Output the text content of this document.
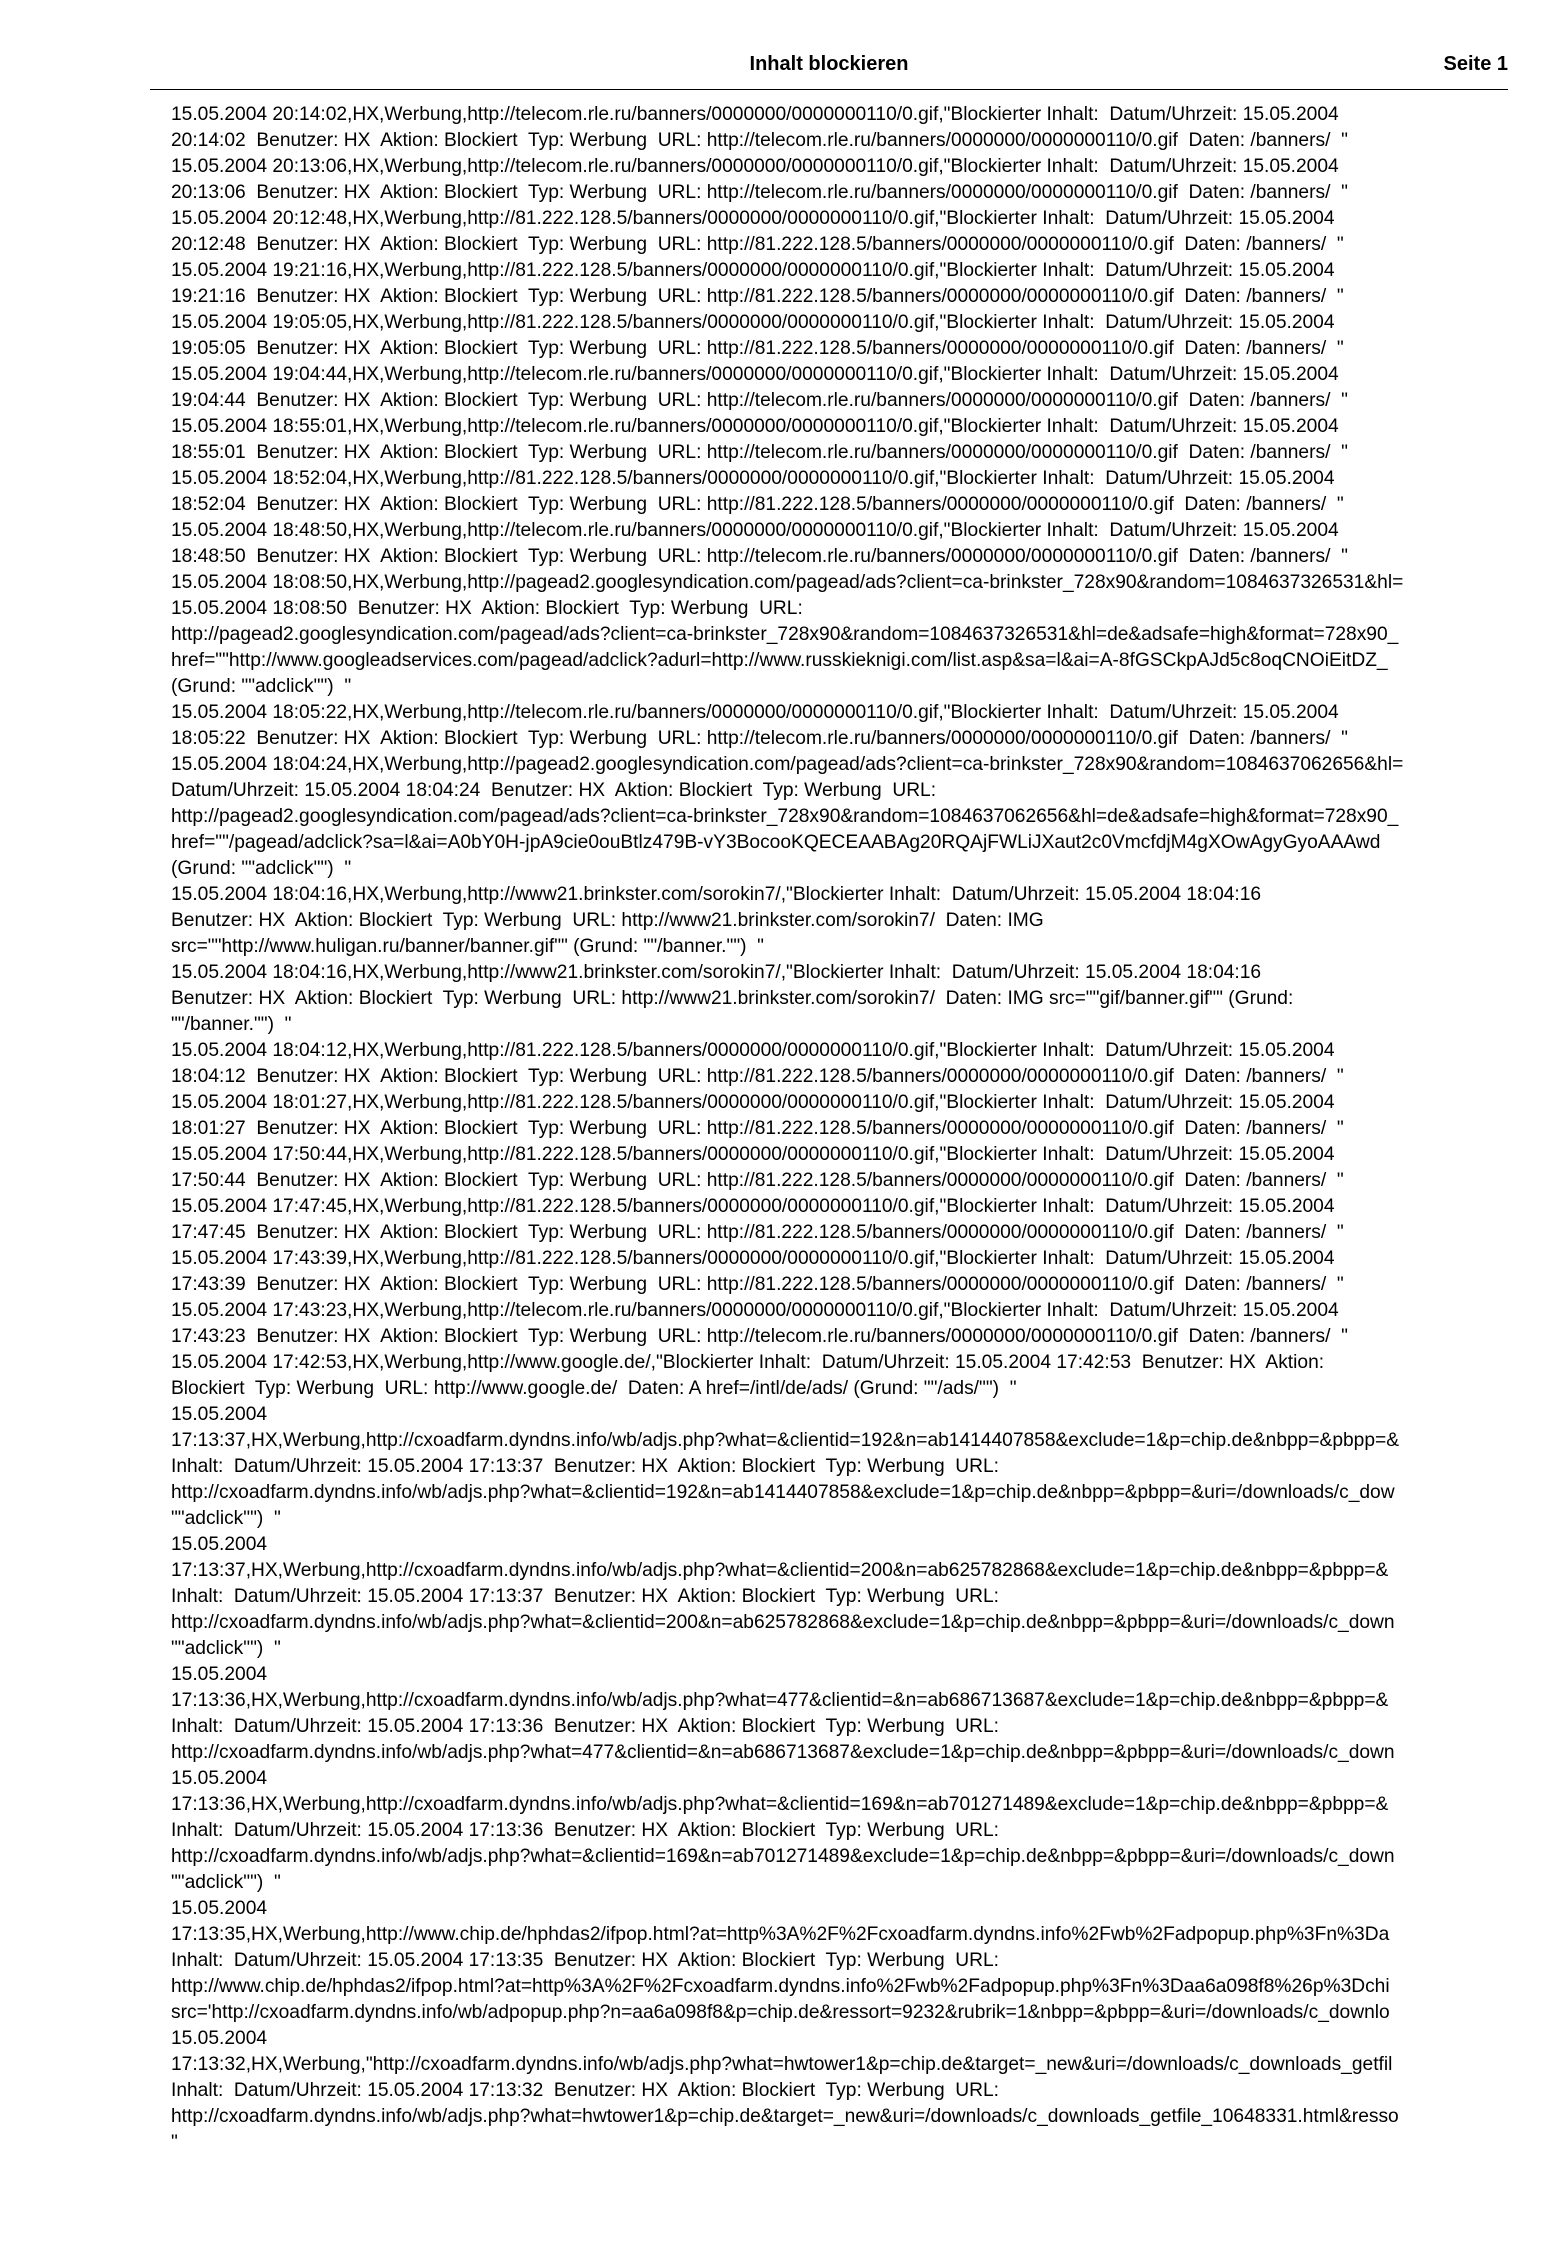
Inhalt blockieren	Seite 1
15.05.2004 20:14:02,HX,Werbung,http://telecom.rle.ru/banners/0000000/0000000110/0.gif,"Blockierter Inhalt:  Datum/Uhrzeit: 15.05.2004
20:14:02  Benutzer: HX  Aktion: Blockiert  Typ: Werbung  URL: http://telecom.rle.ru/banners/0000000/0000000110/0.gif  Daten: /banners/  "
15.05.2004 20:13:06,HX,Werbung,http://telecom.rle.ru/banners/0000000/0000000110/0.gif,"Blockierter Inhalt:  Datum/Uhrzeit: 15.05.2004
20:13:06  Benutzer: HX  Aktion: Blockiert  Typ: Werbung  URL: http://telecom.rle.ru/banners/0000000/0000000110/0.gif  Daten: /banners/  "
15.05.2004 20:12:48,HX,Werbung,http://81.222.128.5/banners/0000000/0000000110/0.gif,"Blockierter Inhalt:  Datum/Uhrzeit: 15.05.2004
20:12:48  Benutzer: HX  Aktion: Blockiert  Typ: Werbung  URL: http://81.222.128.5/banners/0000000/0000000110/0.gif  Daten: /banners/  "
15.05.2004 19:21:16,HX,Werbung,http://81.222.128.5/banners/0000000/0000000110/0.gif,"Blockierter Inhalt:  Datum/Uhrzeit: 15.05.2004
19:21:16  Benutzer: HX  Aktion: Blockiert  Typ: Werbung  URL: http://81.222.128.5/banners/0000000/0000000110/0.gif  Daten: /banners/  "
15.05.2004 19:05:05,HX,Werbung,http://81.222.128.5/banners/0000000/0000000110/0.gif,"Blockierter Inhalt:  Datum/Uhrzeit: 15.05.2004
19:05:05  Benutzer: HX  Aktion: Blockiert  Typ: Werbung  URL: http://81.222.128.5/banners/0000000/0000000110/0.gif  Daten: /banners/  "
15.05.2004 19:04:44,HX,Werbung,http://telecom.rle.ru/banners/0000000/0000000110/0.gif,"Blockierter Inhalt:  Datum/Uhrzeit: 15.05.2004
19:04:44  Benutzer: HX  Aktion: Blockiert  Typ: Werbung  URL: http://telecom.rle.ru/banners/0000000/0000000110/0.gif  Daten: /banners/  "
15.05.2004 18:55:01,HX,Werbung,http://telecom.rle.ru/banners/0000000/0000000110/0.gif,"Blockierter Inhalt:  Datum/Uhrzeit: 15.05.2004
18:55:01  Benutzer: HX  Aktion: Blockiert  Typ: Werbung  URL: http://telecom.rle.ru/banners/0000000/0000000110/0.gif  Daten: /banners/  "
15.05.2004 18:52:04,HX,Werbung,http://81.222.128.5/banners/0000000/0000000110/0.gif,"Blockierter Inhalt:  Datum/Uhrzeit: 15.05.2004
18:52:04  Benutzer: HX  Aktion: Blockiert  Typ: Werbung  URL: http://81.222.128.5/banners/0000000/0000000110/0.gif  Daten: /banners/  "
15.05.2004 18:48:50,HX,Werbung,http://telecom.rle.ru/banners/0000000/0000000110/0.gif,"Blockierter Inhalt:  Datum/Uhrzeit: 15.05.2004
18:48:50  Benutzer: HX  Aktion: Blockiert  Typ: Werbung  URL: http://telecom.rle.ru/banners/0000000/0000000110/0.gif  Daten: /banners/  "
15.05.2004 18:08:50,HX,Werbung,http://pagead2.googlesyndication.com/pagead/ads?client=ca-brinkster_728x90&random=1084637326531&hl=
15.05.2004 18:08:50  Benutzer: HX  Aktion: Blockiert  Typ: Werbung  URL:
http://pagead2.googlesyndication.com/pagead/ads?client=ca-brinkster_728x90&random=1084637326531&hl=de&adsafe=high&format=728x90_
href=""http://www.googleadservices.com/pagead/adclick?adurl=http://www.russkieknigi.com/list.asp&sa=l&ai=A-8fGSCkpAJd5c8oqCNOiEitDZ_
(Grund: ""adclick"")  "
15.05.2004 18:05:22,HX,Werbung,http://telecom.rle.ru/banners/0000000/0000000110/0.gif,"Blockierter Inhalt:  Datum/Uhrzeit: 15.05.2004
18:05:22  Benutzer: HX  Aktion: Blockiert  Typ: Werbung  URL: http://telecom.rle.ru/banners/0000000/0000000110/0.gif  Daten: /banners/  "
15.05.2004 18:04:24,HX,Werbung,http://pagead2.googlesyndication.com/pagead/ads?client=ca-brinkster_728x90&random=1084637062656&hl=
Datum/Uhrzeit: 15.05.2004 18:04:24  Benutzer: HX  Aktion: Blockiert  Typ: Werbung  URL:
http://pagead2.googlesyndication.com/pagead/ads?client=ca-brinkster_728x90&random=1084637062656&hl=de&adsafe=high&format=728x90_
href=""/pagead/adclick?sa=l&ai=A0bY0H-jpA9cie0ouBtlz479B-vY3BocooKQECEAABAg20RQAjFWLiJXaut2c0VmcfdjM4gXOwAgyGyoAAAwd
(Grund: ""adclick"")  "
15.05.2004 18:04:16,HX,Werbung,http://www21.brinkster.com/sorokin7/,"Blockierter Inhalt:  Datum/Uhrzeit: 15.05.2004 18:04:16
Benutzer: HX  Aktion: Blockiert  Typ: Werbung  URL: http://www21.brinkster.com/sorokin7/  Daten: IMG
src=""http://www.huligan.ru/banner/banner.gif"" (Grund: ""/banner."")  "
15.05.2004 18:04:16,HX,Werbung,http://www21.brinkster.com/sorokin7/,"Blockierter Inhalt:  Datum/Uhrzeit: 15.05.2004 18:04:16
Benutzer: HX  Aktion: Blockiert  Typ: Werbung  URL: http://www21.brinkster.com/sorokin7/  Daten: IMG src=""gif/banner.gif"" (Grund:
""/banner."")  "
15.05.2004 18:04:12,HX,Werbung,http://81.222.128.5/banners/0000000/0000000110/0.gif,"Blockierter Inhalt:  Datum/Uhrzeit: 15.05.2004
18:04:12  Benutzer: HX  Aktion: Blockiert  Typ: Werbung  URL: http://81.222.128.5/banners/0000000/0000000110/0.gif  Daten: /banners/  "
15.05.2004 18:01:27,HX,Werbung,http://81.222.128.5/banners/0000000/0000000110/0.gif,"Blockierter Inhalt:  Datum/Uhrzeit: 15.05.2004
18:01:27  Benutzer: HX  Aktion: Blockiert  Typ: Werbung  URL: http://81.222.128.5/banners/0000000/0000000110/0.gif  Daten: /banners/  "
15.05.2004 17:50:44,HX,Werbung,http://81.222.128.5/banners/0000000/0000000110/0.gif,"Blockierter Inhalt:  Datum/Uhrzeit: 15.05.2004
17:50:44  Benutzer: HX  Aktion: Blockiert  Typ: Werbung  URL: http://81.222.128.5/banners/0000000/0000000110/0.gif  Daten: /banners/  "
15.05.2004 17:47:45,HX,Werbung,http://81.222.128.5/banners/0000000/0000000110/0.gif,"Blockierter Inhalt:  Datum/Uhrzeit: 15.05.2004
17:47:45  Benutzer: HX  Aktion: Blockiert  Typ: Werbung  URL: http://81.222.128.5/banners/0000000/0000000110/0.gif  Daten: /banners/  "
15.05.2004 17:43:39,HX,Werbung,http://81.222.128.5/banners/0000000/0000000110/0.gif,"Blockierter Inhalt:  Datum/Uhrzeit: 15.05.2004
17:43:39  Benutzer: HX  Aktion: Blockiert  Typ: Werbung  URL: http://81.222.128.5/banners/0000000/0000000110/0.gif  Daten: /banners/  "
15.05.2004 17:43:23,HX,Werbung,http://telecom.rle.ru/banners/0000000/0000000110/0.gif,"Blockierter Inhalt:  Datum/Uhrzeit: 15.05.2004
17:43:23  Benutzer: HX  Aktion: Blockiert  Typ: Werbung  URL: http://telecom.rle.ru/banners/0000000/0000000110/0.gif  Daten: /banners/  "
15.05.2004 17:42:53,HX,Werbung,http://www.google.de/,"Blockierter Inhalt:  Datum/Uhrzeit: 15.05.2004 17:42:53  Benutzer: HX  Aktion:
Blockiert  Typ: Werbung  URL: http://www.google.de/  Daten: A href=/intl/de/ads/ (Grund: ""/ads/"")  "
15.05.2004
17:13:37,HX,Werbung,http://cxoadfarm.dyndns.info/wb/adjs.php?what=&clientid=192&n=ab1414407858&exclude=1&p=chip.de&nbpp=&pbpp=&
Inhalt:  Datum/Uhrzeit: 15.05.2004 17:13:37  Benutzer: HX  Aktion: Blockiert  Typ: Werbung  URL:
http://cxoadfarm.dyndns.info/wb/adjs.php?what=&clientid=192&n=ab1414407858&exclude=1&p=chip.de&nbpp=&pbpp=&uri=/downloads/c_dow
""adclick"")  "
15.05.2004
17:13:37,HX,Werbung,http://cxoadfarm.dyndns.info/wb/adjs.php?what=&clientid=200&n=ab625782868&exclude=1&p=chip.de&nbpp=&pbpp=&
Inhalt:  Datum/Uhrzeit: 15.05.2004 17:13:37  Benutzer: HX  Aktion: Blockiert  Typ: Werbung  URL:
http://cxoadfarm.dyndns.info/wb/adjs.php?what=&clientid=200&n=ab625782868&exclude=1&p=chip.de&nbpp=&pbpp=&uri=/downloads/c_down
""adclick"")  "
15.05.2004
17:13:36,HX,Werbung,http://cxoadfarm.dyndns.info/wb/adjs.php?what=477&clientid=&n=ab686713687&exclude=1&p=chip.de&nbpp=&pbpp=&
Inhalt:  Datum/Uhrzeit: 15.05.2004 17:13:36  Benutzer: HX  Aktion: Blockiert  Typ: Werbung  URL:
http://cxoadfarm.dyndns.info/wb/adjs.php?what=477&clientid=&n=ab686713687&exclude=1&p=chip.de&nbpp=&pbpp=&uri=/downloads/c_down
15.05.2004
17:13:36,HX,Werbung,http://cxoadfarm.dyndns.info/wb/adjs.php?what=&clientid=169&n=ab701271489&exclude=1&p=chip.de&nbpp=&pbpp=&
Inhalt:  Datum/Uhrzeit: 15.05.2004 17:13:36  Benutzer: HX  Aktion: Blockiert  Typ: Werbung  URL:
http://cxoadfarm.dyndns.info/wb/adjs.php?what=&clientid=169&n=ab701271489&exclude=1&p=chip.de&nbpp=&pbpp=&uri=/downloads/c_down
""adclick"")  "
15.05.2004
17:13:35,HX,Werbung,http://www.chip.de/hphdas2/ifpop.html?at=http%3A%2F%2Fcxoadfarm.dyndns.info%2Fwb%2Fadpopup.php%3Fn%3Da
Inhalt:  Datum/Uhrzeit: 15.05.2004 17:13:35  Benutzer: HX  Aktion: Blockiert  Typ: Werbung  URL:
http://www.chip.de/hphdas2/ifpop.html?at=http%3A%2F%2Fcxoadfarm.dyndns.info%2Fwb%2Fadpopup.php%3Fn%3Daa6a098f8%26p%3Dchi
src='http://cxoadfarm.dyndns.info/wb/adpopup.php?n=aa6a098f8&p=chip.de&ressort=9232&rubrik=1&nbpp=&pbpp=&uri=/downloads/c_downlo
15.05.2004
17:13:32,HX,Werbung,"http://cxoadfarm.dyndns.info/wb/adjs.php?what=hwtower1&p=chip.de&target=_new&uri=/downloads/c_downloads_getfil
Inhalt:  Datum/Uhrzeit: 15.05.2004 17:13:32  Benutzer: HX  Aktion: Blockiert  Typ: Werbung  URL:
http://cxoadfarm.dyndns.info/wb/adjs.php?what=hwtower1&p=chip.de&target=_new&uri=/downloads/c_downloads_getfile_10648331.html&resso
"
